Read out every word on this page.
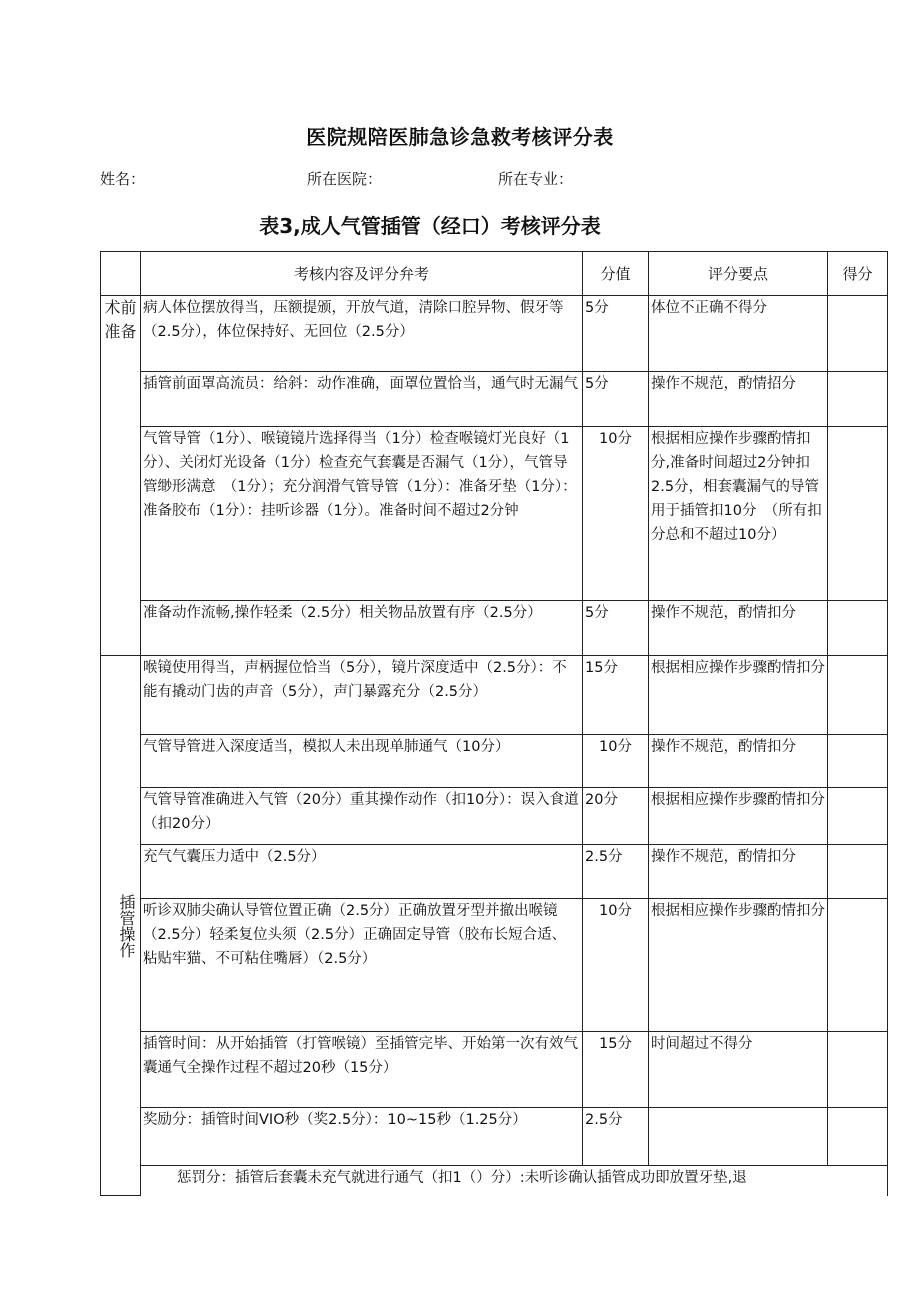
医院规陪医肺急诊急救考核评分表
姓名：	所在医院：	所在专业：
表3,成人气管插管（经口）考核评分表
	考核内容及评分弁考	分值	评分要点	得分
术前准备	病人体位摆放得当，压额提颁，开放气道，清除口腔异物、假牙等（2.5分），体位保持好、无回位（2.5分）	5分	体位不正确不得分	
	插管前面罩高流员：给斜：动作准确，面罩位置恰当，通气时无漏气	5分	操作不规范，酌情招分	
	气管导管（1分）、喉镜镜片选择得当（1分）检查喉镜灯光良好（1分）、关闭灯光设备（1分）检查充气套囊是否漏气（1分），气管导管缈形满意　（1分）；充分润滑气管导管（1分）：准备牙垫（1分）：准备胶布（1分）：挂听诊器（1分）。准备时间不超过2分钟	10分	根据相应操作步骤酌情扣分,准备时间超过2分钟扣2.5分，相套囊漏气的导管用于插管扣10分　（所有扣分总和不超过10分）	
	准备动作流畅,操作轻柔（2.5分）相关物品放置有序（2.5分）	5分	操作不规范，酌情扣分	
插管操作	喉镜使用得当，声柄握位恰当（5分），镜片深度适中（2.5分）：不能有撬动门齿的声音（5分），声门暴露充分（2.5分）	15分	根据相应操作步骤酌情扣分	
	气管导管进入深度适当，模拟人未出现单肺通气（10分）	10分	操作不规范，酌情扣分	
	气管导管准确进入气管（20分）重其操作动作（扣10分）：误入食道（扣20分）	20分	根据相应操作步骤酌情扣分	
	充气气囊压力适中（2.5分）	2.5分	操作不规范，酌情扣分	
	听诊双肺尖确认导管位置正确（2.5分）正确放置牙型并撤出喉镜（2.5分）轻柔复位头须（2.5分）正确固定导管（胶布长短合适、粘贴牢猫、不可粘住嘴唇）（2.5分）	10分	根据相应操作步骤酌情扣分	
	插管时间：从开始插管（打管喉镜）至插管完毕、开始第一次有效气囊通气全操作过程不超过20秒（15分）	15分	时间超过不得分	
	奖励分：插管时间VIO秒（奖2.5分）：10~15秒（1.25分）	2.5分		
	惩罚分：插管后套囊未充气就进行通气（扣1（）分）:未听诊确认插管成功即放置牙垫,退			
